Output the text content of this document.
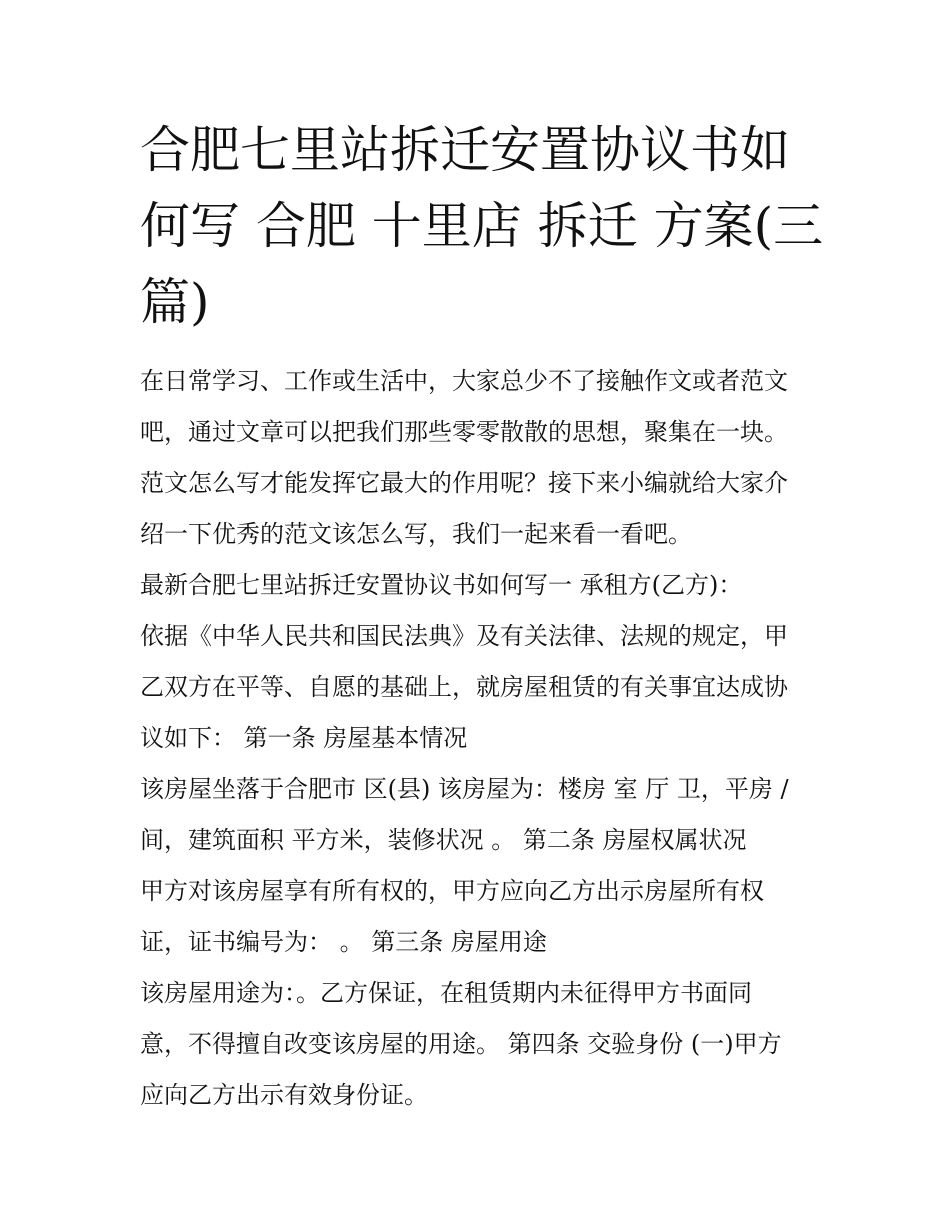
合肥七里站拆迁安置协议书如
何写 合肥 十里店 拆迁 方案(三
篇)
在日常学习、工作或生活中，大家总少不了接触作文或者范文
吧，通过文章可以把我们那些零零散散的思想，聚集在一块。
范文怎么写才能发挥它最大的作用呢？接下来小编就给大家介
绍一下优秀的范文该怎么写，我们一起来看一看吧。
最新合肥七里站拆迁安置协议书如何写一 承租方(乙方)：
依据《中华人民共和国民法典》及有关法律、法规的规定，甲
乙双方在平等、自愿的基础上，就房屋租赁的有关事宜达成协
议如下： 第一条 房屋基本情况
该房屋坐落于合肥市 区(县) 该房屋为：楼房 室 厅 卫，平房 /
间，建筑面积 平方米，装修状况 。 第二条 房屋权属状况
甲方对该房屋享有所有权的，甲方应向乙方出示房屋所有权
证，证书编号为： 。 第三条 房屋用途
该房屋用途为：。乙方保证，在租赁期内未征得甲方书面同
意，不得擅自改变该房屋的用途。 第四条 交验身份 (一)甲方
应向乙方出示有效身份证。
